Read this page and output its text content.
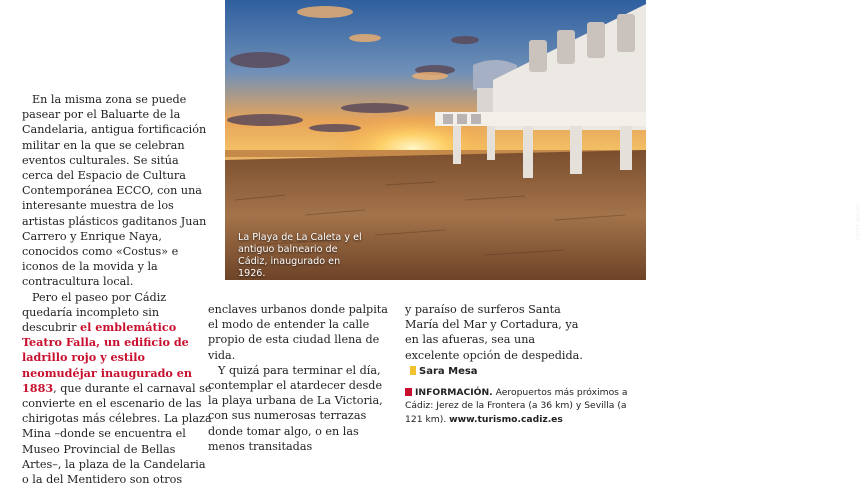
En la misma zona se puede pasear por el Baluarte de la Candelaria, antigua fortificación militar en la que se celebran eventos culturales. Se sitúa cerca del Espacio de Cultura Contemporánea ECCO, con una interesante muestra de los artistas plásticos gaditanos Juan Carrero y Enrique Naya, conocidos como «Costus» e iconos de la movida y la contracultura local.

Pero el paseo por Cádiz quedaría incompleto sin descubrir el emblemático Teatro Falla, un edificio de ladrillo rojo y estilo neomudéjar inaugurado en 1883, que durante el carnaval se convierte en el escenario de las chirigotas más célebres. La plaza Mina –donde se encuentra el Museo Provincial de Bellas Artes–, la plaza de la Candelaria o la del Mentidero son otros

GETTY IMAGES
La Playa de La Caleta y el antiguo balneario de Cádiz, inaugurado en 1926.

enclaves urbanos donde palpita el modo de entender la calle propio de esta ciudad llena de vida.

Y quizá para terminar el día, contemplar el atardecer desde la playa urbana de La Victoria, con sus numerosas terrazas donde tomar algo, o en las menos transitadas

y paraíso de surferos Santa María del Mar y Cortadura, ya en las afueras, sea una excelente opción de despedida.Sara Mesa

INFORMACIÓN. Aeropuertos más próximos a Cádiz: Jerez de la Frontera (a 36 km) y Sevilla (a 121 km). www.turismo.cadiz.es
